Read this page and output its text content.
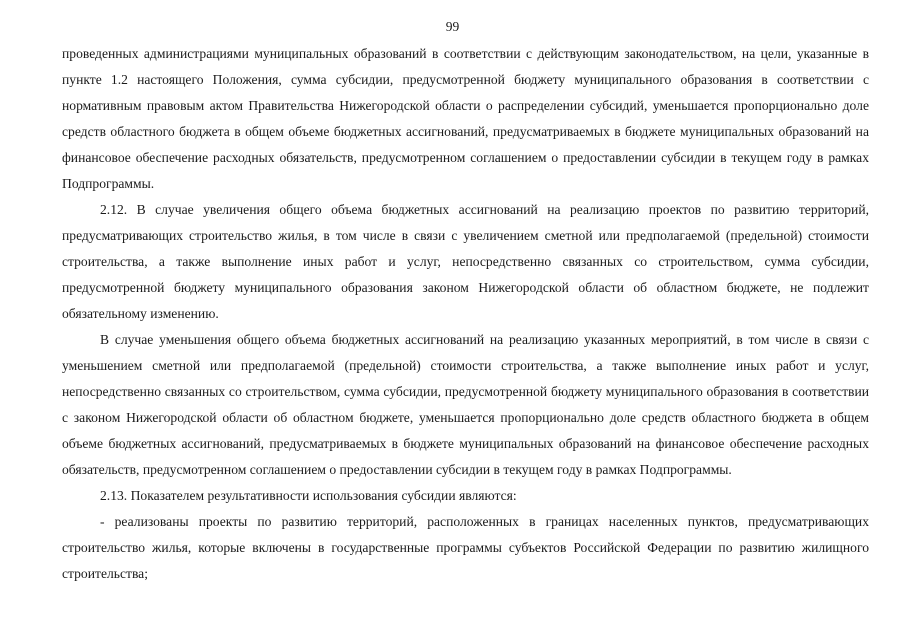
99

проведенных администрациями муниципальных образований в соответствии с действующим законодательством, на цели, указанные в пункте 1.2 настоящего Положения, сумма субсидии, предусмотренной бюджету муниципального образования в соответствии с нормативным правовым актом Правительства Нижегородской области о распределении субсидий, уменьшается пропорционально доле средств областного бюджета в общем объеме бюджетных ассигнований, предусматриваемых в бюджете муниципальных образований на финансовое обеспечение расходных обязательств, предусмотренном соглашением о предоставлении субсидии в текущем году в рамках Подпрограммы.

2.12. В случае увеличения общего объема бюджетных ассигнований на реализацию проектов по развитию территорий, предусматривающих строительство жилья, в том числе в связи с увеличением сметной или предполагаемой (предельной) стоимости строительства, а также выполнение иных работ и услуг, непосредственно связанных со строительством, сумма субсидии, предусмотренной бюджету муниципального образования законом Нижегородской области об областном бюджете, не подлежит обязательному изменению.

В случае уменьшения общего объема бюджетных ассигнований на реализацию указанных мероприятий, в том числе в связи с уменьшением сметной или предполагаемой (предельной) стоимости строительства, а также выполнение иных работ и услуг, непосредственно связанных со строительством, сумма субсидии, предусмотренной бюджету муниципального образования в соответствии с законом Нижегородской области об областном бюджете, уменьшается пропорционально доле средств областного бюджета в общем объеме бюджетных ассигнований, предусматриваемых в бюджете муниципальных образований на финансовое обеспечение расходных обязательств, предусмотренном соглашением о предоставлении субсидии в текущем году в рамках Подпрограммы.

2.13. Показателем результативности использования субсидии являются:

- реализованы проекты по развитию территорий, расположенных в границах населенных пунктов, предусматривающих строительство жилья, которые включены в государственные программы субъектов Российской Федерации по развитию жилищного строительства;
